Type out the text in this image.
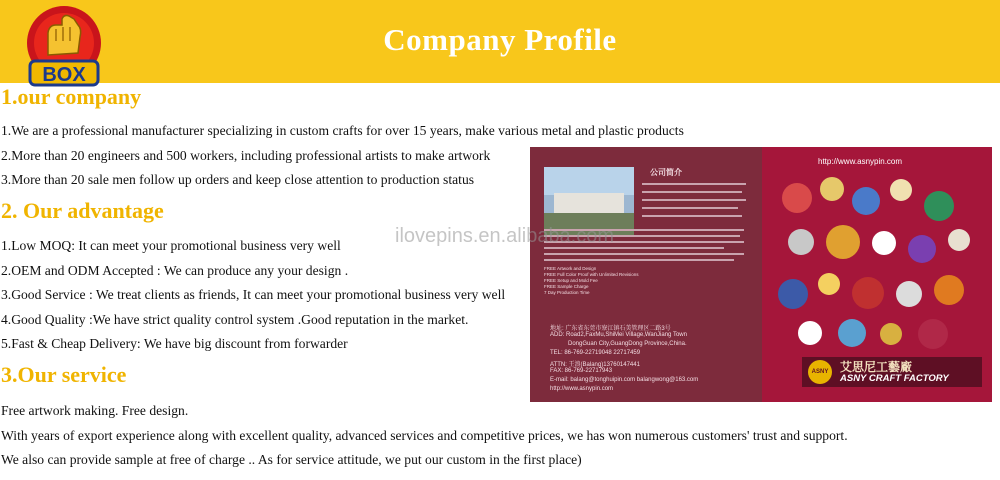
Company Profile
BOX
1.our company
1.We are a professional manufacturer specializing in custom crafts for over 15 years, make various metal and plastic products
2.More than 20 engineers and 500 workers, including professional artists to make artwork
3.More than 20 sale men follow up orders and keep close attention to production status
2. Our advantage
1.Low MOQ: It can meet your promotional business very well
2.OEM and ODM Accepted : We can produce any your design .
3.Good Service : We treat clients as friends, It can meet your promotional business very well
4.Good Quality :We have strict quality control system .Good reputation in the market.
5.Fast & Cheap Delivery: We have big discount from forwarder
3.Our service
Free artwork making. Free design.
With years of export experience along with excellent quality, advanced services and competitive prices, we has won numerous customers' trust and support.
We also can provide sample at free of charge .. As for service attitude, we put our custom in the first place)
公司简介
FREE Artwork and Design
FREE Full Color Proof with Unlimited Revisions
FREE Setup and Mold Fee
FREE Sample Charge
7 Day Production Time
地址: 广东省东莞市寮江镇石美管理区二路3号
ADD: Road2,FaxMu,ShiMei Village,WanJiang Town
DongGuan City,GuangDong Province,China.
TEL: 86-769-22719048 22717459
ATTN: 王浪(Balang)13760147441
FAX: 86-769-22717943
E-mail: balang@tonghuipin.com balangwong@163.com
http://www.asnypin.com
http://www.asnypin.com
ASNY 艾思尼工藝廠
ASNY CRAFT FACTORY
ilovepins.en.alibaba.com
